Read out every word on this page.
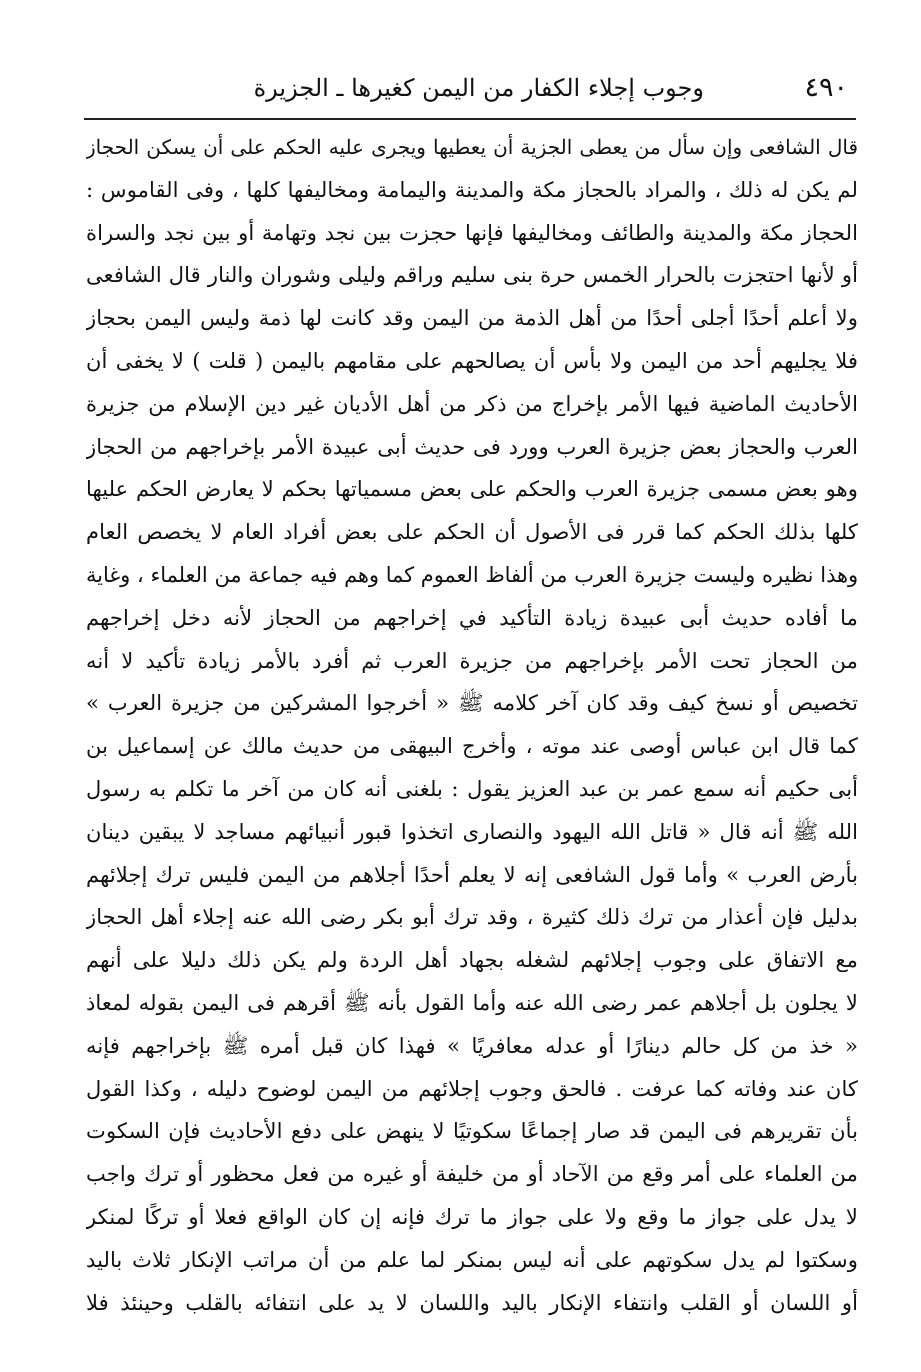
٤٩٠
وجوب إجلاء الكفار من اليمن كغيرها ـ الجزيرة
قال الشافعى وإن سأل من يعطى الجزية أن يعطيها ويجرى عليه الحكم على أن يسكن الحجاز
لم يكن له ذلك ، والمراد بالحجاز مكة والمدينة واليمامة ومخاليفها كلها ، وفى القاموس :
الحجاز مكة والمدينة والطائف ومخاليفها فإنها حجزت بين نجد وتهامة أو بين نجد والسراة
أو لأنها احتجزت بالحرار الخمس حرة بنى سليم وراقم وليلى وشوران والنار قال الشافعى
ولا أعلم أحدًا أجلى أحدًا من أهل الذمة من اليمن وقد كانت لها ذمة وليس اليمن بحجاز
فلا يجليهم أحد من اليمن ولا بأس أن يصالحهم على مقامهم باليمن ( قلت ) لا يخفى أن
الأحاديث الماضية فيها الأمر بإخراج من ذكر من أهل الأديان غير دين الإسلام من جزيرة
العرب والحجاز بعض جزيرة العرب وورد فى حديث أبى عبيدة الأمر بإخراجهم من الحجاز
وهو بعض مسمى جزيرة العرب والحكم على بعض مسمياتها بحكم لا يعارض الحكم عليها
كلها بذلك الحكم كما قرر فى الأصول أن الحكم على بعض أفراد العام لا يخصص العام
وهذا نظيره وليست جزيرة العرب من ألفاظ العموم كما وهم فيه جماعة من العلماء ، وغاية
ما أفاده حديث أبى عبيدة زيادة التأكيد في إخراجهم من الحجاز لأنه دخل إخراجهم
من الحجاز تحت الأمر بإخراجهم من جزيرة العرب ثم أفرد بالأمر زيادة تأكيد لا أنه
تخصيص أو نسخ كيف وقد كان آخر كلامه ﷺ « أخرجوا المشركين من جزيرة العرب »
كما قال ابن عباس أوصى عند موته ، وأخرج البيهقى من حديث مالك عن إسماعيل بن
أبى حكيم أنه سمع عمر بن عبد العزيز يقول : بلغنى أنه كان من آخر ما تكلم به رسول
الله ﷺ أنه قال « قاتل الله اليهود والنصارى اتخذوا قبور أنبيائهم مساجد لا يبقين دينان
بأرض العرب » وأما قول الشافعى إنه لا يعلم أحدًا أجلاهم من اليمن فليس ترك إجلائهم
بدليل فإن أعذار من ترك ذلك كثيرة ، وقد ترك أبو بكر رضى الله عنه إجلاء أهل الحجاز
مع الاتفاق على وجوب إجلائهم لشغله بجهاد أهل الردة ولم يكن ذلك دليلا على أنهم
لا يجلون بل أجلاهم عمر رضى الله عنه وأما القول بأنه ﷺ أقرهم فى اليمن بقوله لمعاذ
« خذ من كل حالم دينارًا أو عدله معافريًا » فهذا كان قبل أمره ﷺ بإخراجهم فإنه
كان عند وفاته كما عرفت . فالحق وجوب إجلائهم من اليمن لوضوح دليله ، وكذا القول
بأن تقريرهم فى اليمن قد صار إجماعًا سكوتيًا لا ينهض على دفع الأحاديث فإن السكوت
من العلماء على أمر وقع من الآحاد أو من خليفة أو غيره من فعل محظور أو ترك واجب
لا يدل على جواز ما وقع ولا على جواز ما ترك فإنه إن كان الواقع فعلا أو تركًا لمنكر
وسكتوا لم يدل سكوتهم على أنه ليس بمنكر لما علم من أن مراتب الإنكار ثلاث باليد
أو اللسان أو القلب وانتفاء الإنكار باليد واللسان لا يد على انتفائه بالقلب وحينئذ فلا
